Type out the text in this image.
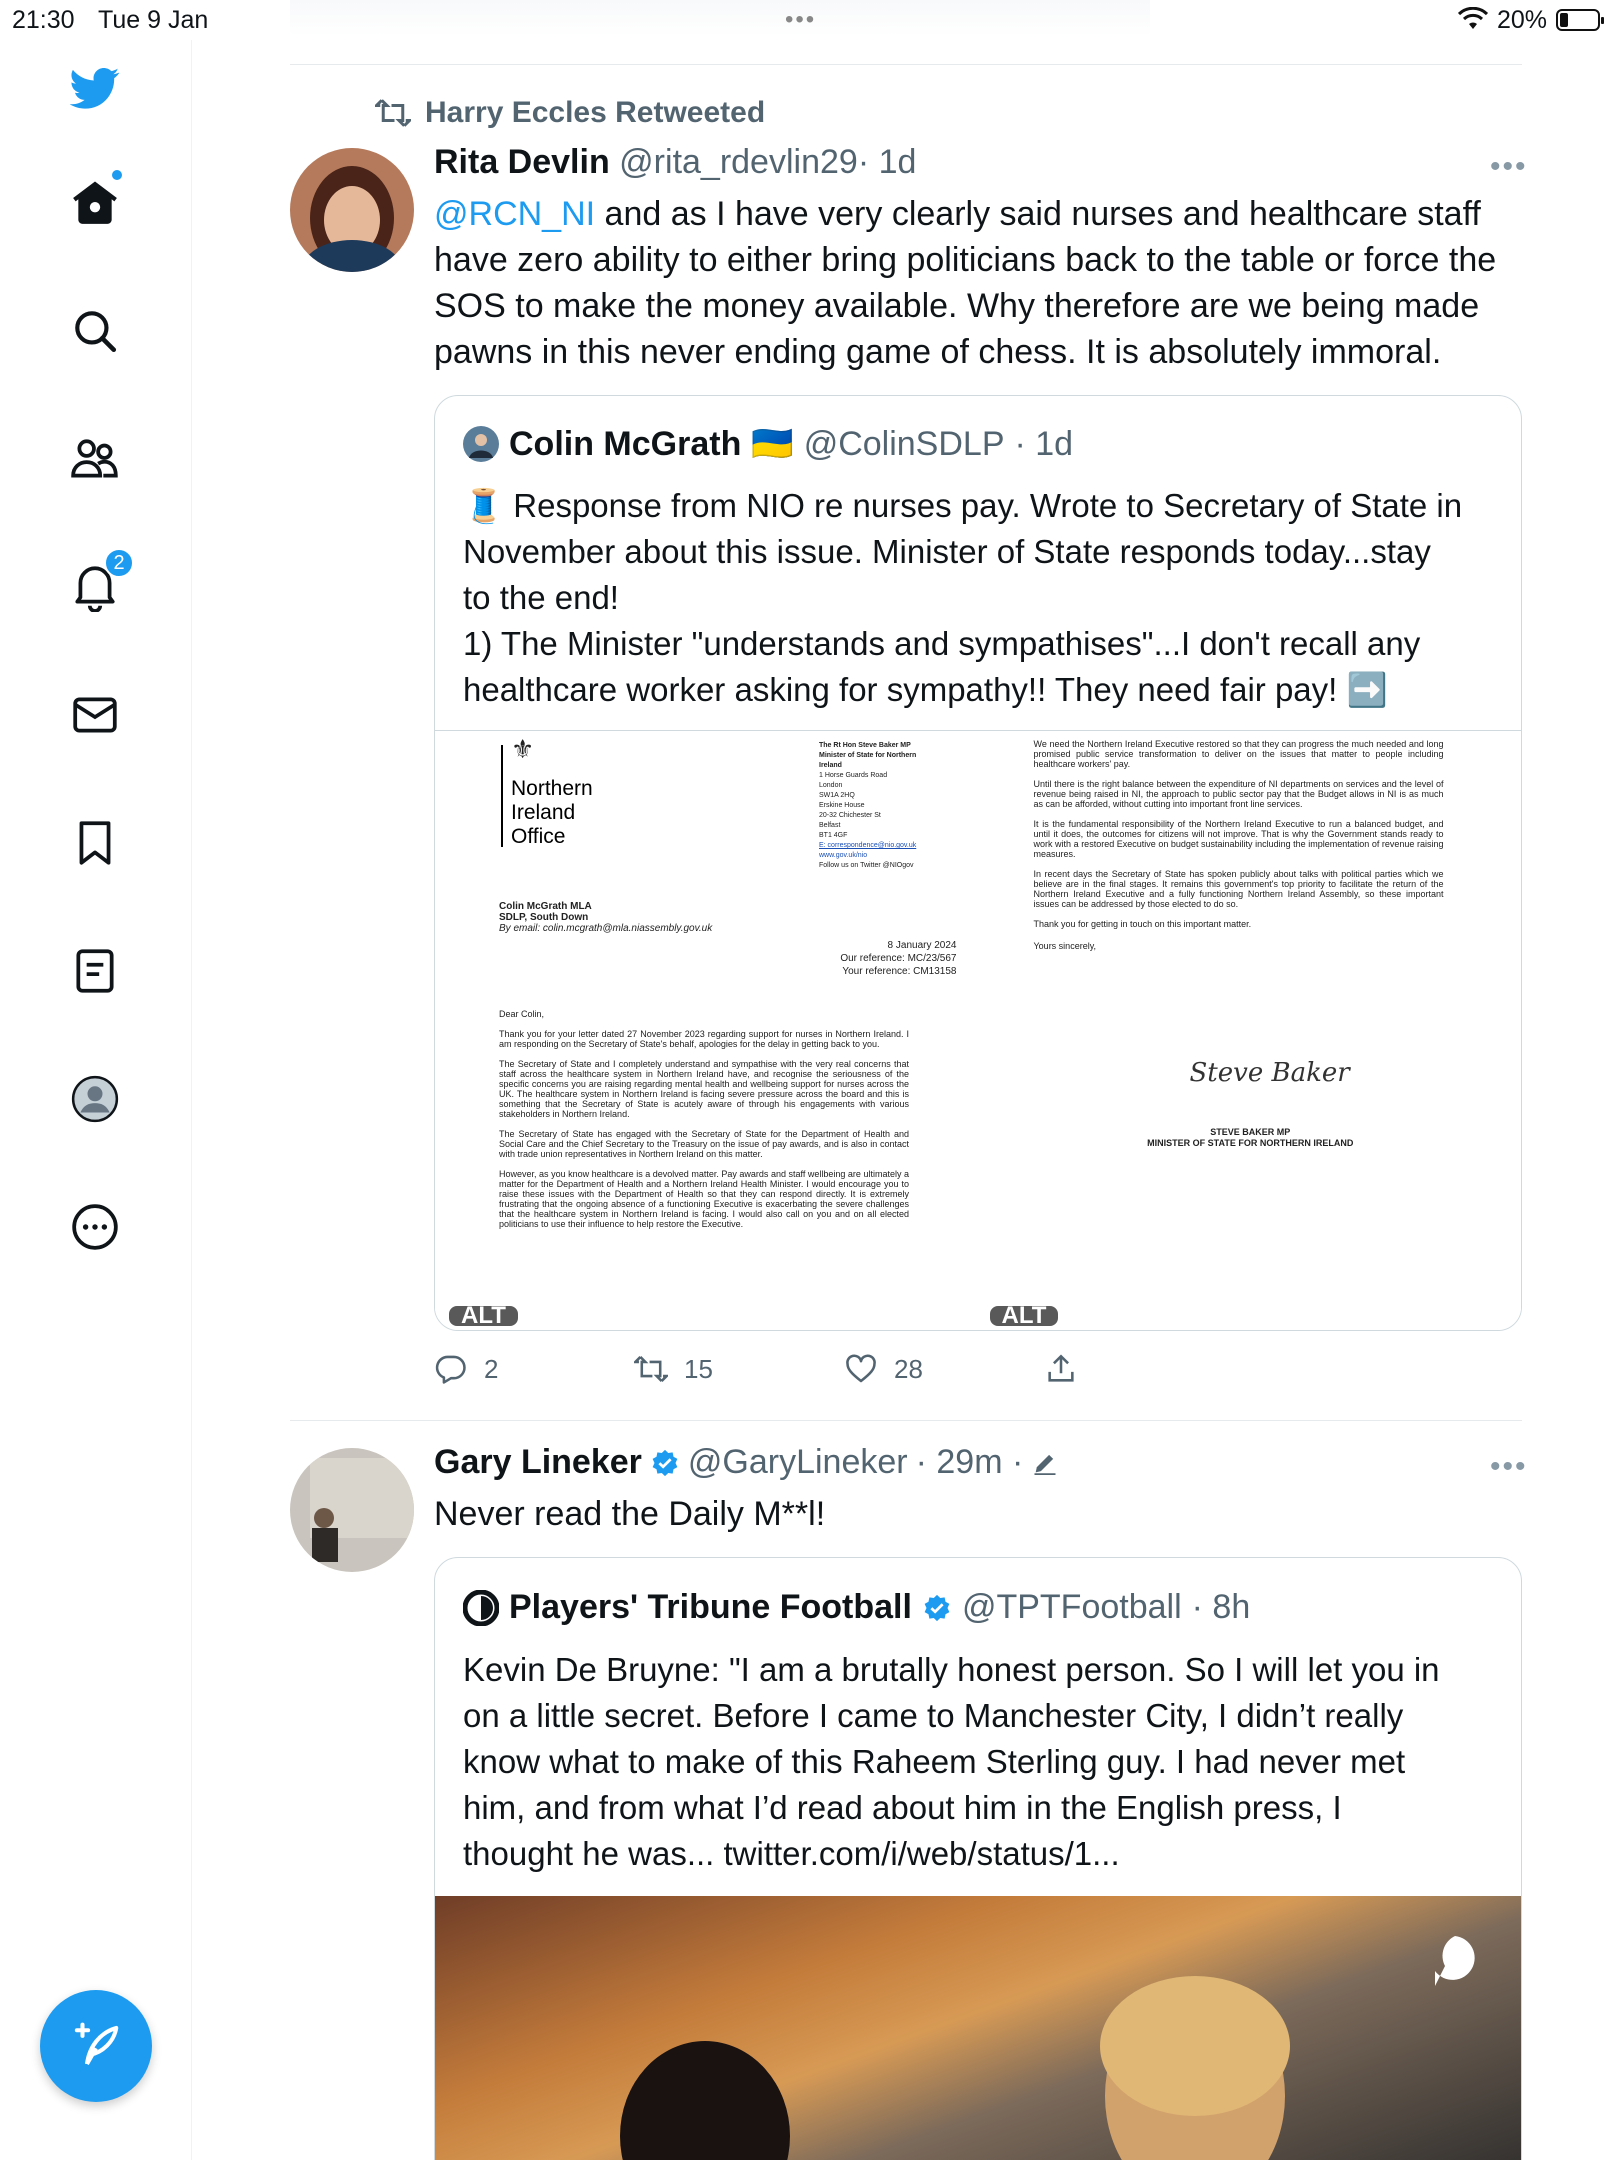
21:30 Tue 9 Jan	•••	20%
2
Harry Eccles Retweeted
Rita Devlin @rita_rdevlin29· 1d	•••
@RCN_NI and as I have very clearly said nurses and healthcare staff have zero ability to either bring politicians back to the table or force the SOS to make the money available. Why therefore are we being made pawns in this never ending game of chess. It is absolutely immoral.
Colin McGrath 🇺🇦 @ColinSDLP · 1d
🧵 Response from NIO re nurses pay. Wrote to Secretary of State in
November about this issue. Minister of State responds today...stay
to the end!
1) The Minister "understands and sympathises"...I don't recall any
healthcare worker asking for sympathy!! They need fair pay! ➡️
⚜
Northern
Ireland
Office
The Rt Hon Steve Baker MP
Minister of State for Northern
Ireland
1 Horse Guards Road
London
SW1A 2HQ
Erskine House
20-32 Chichester St
Belfast
BT1 4GF
E: correspondence@nio.gov.uk
www.gov.uk/nio
Follow us on Twitter @NIOgov
Colin McGrath MLA
SDLP, South Down
By email: colin.mcgrath@mla.niassembly.gov.uk
8 January 2024
Our reference: MC/23/567
Your reference: CM13158

Dear Colin,

Thank you for your letter dated 27 November 2023 regarding support for nurses in Northern Ireland. I am responding on the Secretary of State's behalf, apologies for the delay in getting back to you.

The Secretary of State and I completely understand and sympathise with the very real concerns that staff across the healthcare system in Northern Ireland have, and recognise the seriousness of the specific concerns you are raising regarding mental health and wellbeing support for nurses across the UK. The healthcare system in Northern Ireland is facing severe pressure across the board and this is something that the Secretary of State is acutely aware of through his engagements with various stakeholders in Northern Ireland.

The Secretary of State has engaged with the Secretary of State for the Department of Health and Social Care and the Chief Secretary to the Treasury on the issue of pay awards, and is also in contact with trade union representatives in Northern Ireland on this matter.

However, as you know healthcare is a devolved matter. Pay awards and staff wellbeing are ultimately a matter for the Department of Health and a Northern Ireland Health Minister. I would encourage you to raise these issues with the Department of Health so that they can respond directly. It is extremely frustrating that the ongoing absence of a functioning Executive is exacerbating the severe challenges that the healthcare system in Northern Ireland is facing. I would also call on you and on all elected politicians to use their influence to help restore the Executive.

ALT

We need the Northern Ireland Executive restored so that they can progress the much needed and long promised public service transformation to deliver on the issues that matter to people including healthcare workers' pay.

Until there is the right balance between the expenditure of NI departments on services and the level of revenue being raised in NI, the approach to public sector pay that the Budget allows in NI is as much as can be afforded, without cutting into important front line services.

It is the fundamental responsibility of the Northern Ireland Executive to run a balanced budget, and until it does, the outcomes for citizens will not improve. That is why the Government stands ready to work with a restored Executive on budget sustainability including the implementation of revenue raising measures.

In recent days the Secretary of State has spoken publicly about talks with political parties which we believe are in the final stages. It remains this government's top priority to facilitate the return of the Northern Ireland Executive and a fully functioning Northern Ireland Assembly, so these important issues can be addressed by those elected to do so.

Thank you for getting in touch on this important matter.

Yours sincerely,

Steve Baker
STEVE BAKER MP
MINISTER OF STATE FOR NORTHERN IRELAND
ALT
2	15	28
Gary Lineker @GaryLineker · 29m ·	•••
Never read the Daily M**l!
Players' Tribune Football @TPTFootball · 8h
Kevin De Bruyne: "I am a brutally honest person. So I will let you in
on a little secret. Before I came to Manchester City, I didn’t really
know what to make of this Raheem Sterling guy. I had never met
him, and from what I’d read about him in the English press, I
thought he was... twitter.com/i/web/status/1...
